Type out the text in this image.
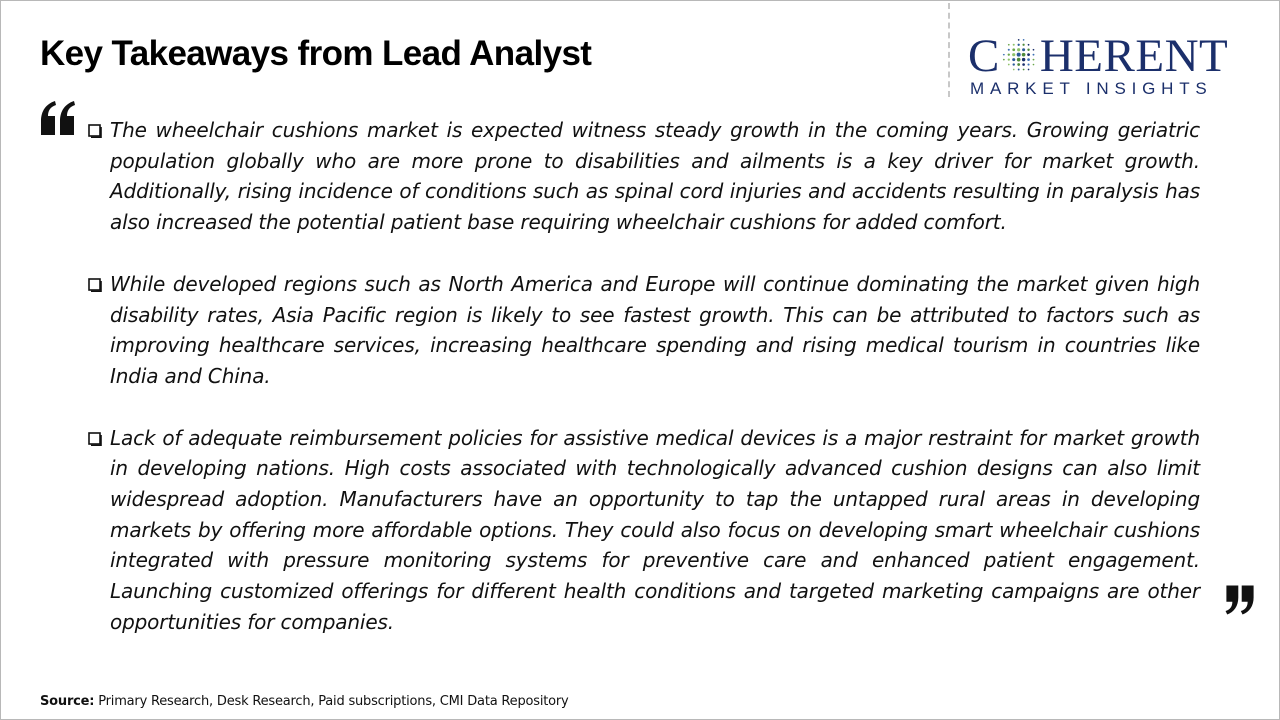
Key Takeaways from Lead Analyst	C HERENT
MARKET INSIGHTS
The wheelchair cushions market is expected witness steady growth in the coming years. Growing geriatric population globally who are more prone to disabilities and ailments is a key driver for market growth. Additionally, rising incidence of conditions such as spinal cord injuries and accidents resulting in paralysis has also increased the potential patient base requiring wheelchair cushions for added comfort.
While developed regions such as North America and Europe will continue dominating the market given high disability rates, Asia Pacific region is likely to see fastest growth. This can be attributed to factors such as improving healthcare services, increasing healthcare spending and rising medical tourism in countries like India and China.
Lack of adequate reimbursement policies for assistive medical devices is a major restraint for market growth in developing nations. High costs associated with technologically advanced cushion designs can also limit widespread adoption. Manufacturers have an opportunity to tap the untapped rural areas in developing markets by offering more affordable options. They could also focus on developing smart wheelchair cushions integrated with pressure monitoring systems for preventive care and enhanced patient engagement. Launching customized offerings for different health conditions and targeted marketing campaigns are other opportunities for companies.
Source: Primary Research, Desk Research, Paid subscriptions, CMI Data Repository
